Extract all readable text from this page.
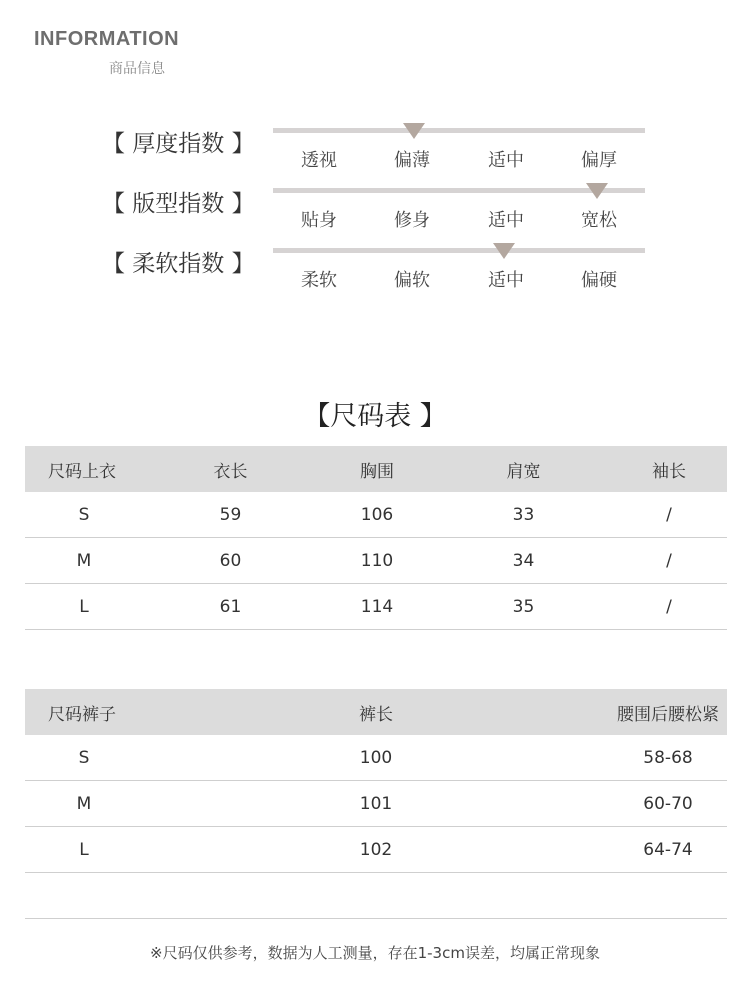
INFORMATION
商品信息
【 厚度指数 】
透视	偏薄	适中	偏厚
【 版型指数 】
贴身	修身	适中	宽松
【 柔软指数 】
柔软	偏软	适中	偏硬
【尺码表 】
尺码上衣	衣长	胸围	肩宽	袖长
S	59	106	33	/
M	60	110	34	/
L	61	114	35	/
尺码裤子	裤长	腰围后腰松紧
S	100	58-68
M	101	60-70
L	102	64-74
※尺码仅供参考，数据为人工测量，存在1-3cm误差，均属正常现象
